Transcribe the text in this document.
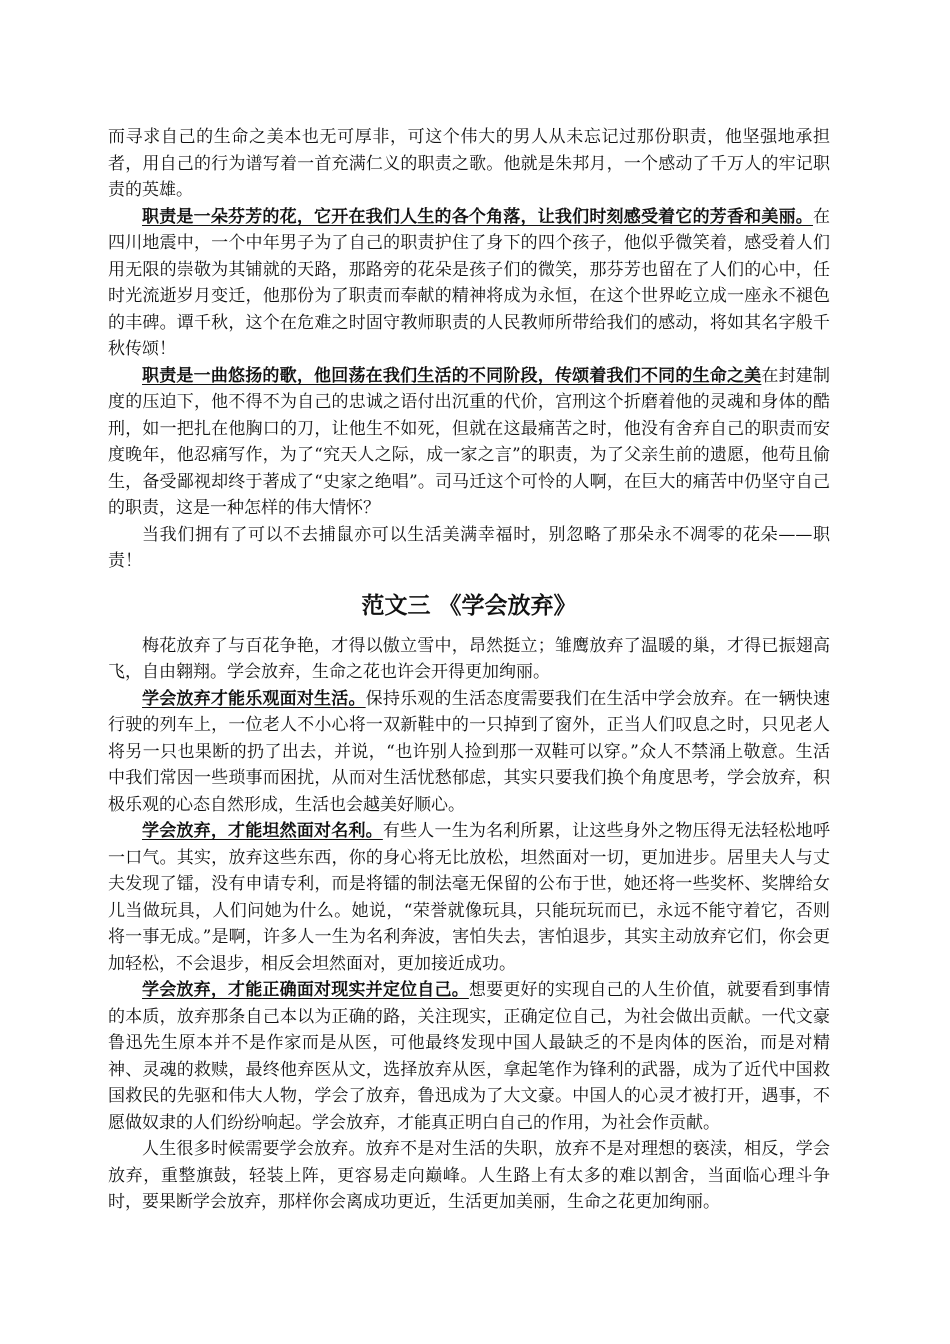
而寻求自己的生命之美本也无可厚非，可这个伟大的男人从未忘记过那份职责，他坚强地承担者，用自己的行为谱写着一首充满仁义的职责之歌。他就是朱邦月，一个感动了千万人的牢记职责的英雄。

职责是一朵芬芳的花，它开在我们人生的各个角落，让我们时刻感受着它的芳香和美丽。在四川地震中，一个中年男子为了自己的职责护住了身下的四个孩子，他似乎微笑着，感受着人们用无限的崇敬为其铺就的天路，那路旁的花朵是孩子们的微笑，那芬芳也留在了人们的心中，任时光流逝岁月变迁，他那份为了职责而奉献的精神将成为永恒，在这个世界屹立成一座永不褪色的丰碑。谭千秋，这个在危难之时固守教师职责的人民教师所带给我们的感动，将如其名字般千秋传颂！

职责是一曲悠扬的歌，他回荡在我们生活的不同阶段，传颂着我们不同的生命之美在封建制度的压迫下，他不得不为自己的忠诚之语付出沉重的代价，宫刑这个折磨着他的灵魂和身体的酷刑，如一把扎在他胸口的刀，让他生不如死，但就在这最痛苦之时，他没有舍弃自己的职责而安度晚年，他忍痛写作，为了“究天人之际，成一家之言”的职责，为了父亲生前的遗愿，他苟且偷生，备受鄙视却终于著成了“史家之绝唱”。司马迁这个可怜的人啊，在巨大的痛苦中仍坚守自己的职责，这是一种怎样的伟大情怀？

当我们拥有了可以不去捕鼠亦可以生活美满幸福时，别忽略了那朵永不凋零的花朵——职责！

范文三 《学会放弃》

梅花放弃了与百花争艳，才得以傲立雪中，昂然挺立；雏鹰放弃了温暖的巢，才得已振翅高飞，自由翱翔。学会放弃，生命之花也许会开得更加绚丽。

学会放弃才能乐观面对生活。保持乐观的生活态度需要我们在生活中学会放弃。在一辆快速行驶的列车上，一位老人不小心将一双新鞋中的一只掉到了窗外，正当人们叹息之时，只见老人将另一只也果断的扔了出去，并说，“也许别人捡到那一双鞋可以穿。”众人不禁涌上敬意。生活中我们常因一些琐事而困扰，从而对生活忧愁郁虑，其实只要我们换个角度思考，学会放弃，积极乐观的心态自然形成，生活也会越美好顺心。

学会放弃，才能坦然面对名利。有些人一生为名利所累，让这些身外之物压得无法轻松地呼一口气。其实，放弃这些东西，你的身心将无比放松，坦然面对一切，更加进步。居里夫人与丈夫发现了镭，没有申请专利，而是将镭的制法毫无保留的公布于世，她还将一些奖杯、奖牌给女儿当做玩具，人们问她为什么。她说，“荣誉就像玩具，只能玩玩而已，永远不能守着它，否则将一事无成。”是啊，许多人一生为名利奔波，害怕失去，害怕退步，其实主动放弃它们，你会更加轻松，不会退步，相反会坦然面对，更加接近成功。

学会放弃，才能正确面对现实并定位自己。想要更好的实现自己的人生价值，就要看到事情的本质，放弃那条自己本以为正确的路，关注现实，正确定位自己，为社会做出贡献。一代文豪鲁迅先生原本并不是作家而是从医，可他最终发现中国人最缺乏的不是肉体的医治，而是对精神、灵魂的救赎，最终他弃医从文，选择放弃从医，拿起笔作为锋利的武器，成为了近代中国救国救民的先驱和伟大人物，学会了放弃，鲁迅成为了大文豪。中国人的心灵才被打开，遇事，不愿做奴隶的人们纷纷响起。学会放弃，才能真正明白自己的作用，为社会作贡献。

人生很多时候需要学会放弃。放弃不是对生活的失职，放弃不是对理想的亵渎，相反，学会放弃，重整旗鼓，轻装上阵，更容易走向巅峰。人生路上有太多的难以割舍，当面临心理斗争时，要果断学会放弃，那样你会离成功更近，生活更加美丽，生命之花更加绚丽。
